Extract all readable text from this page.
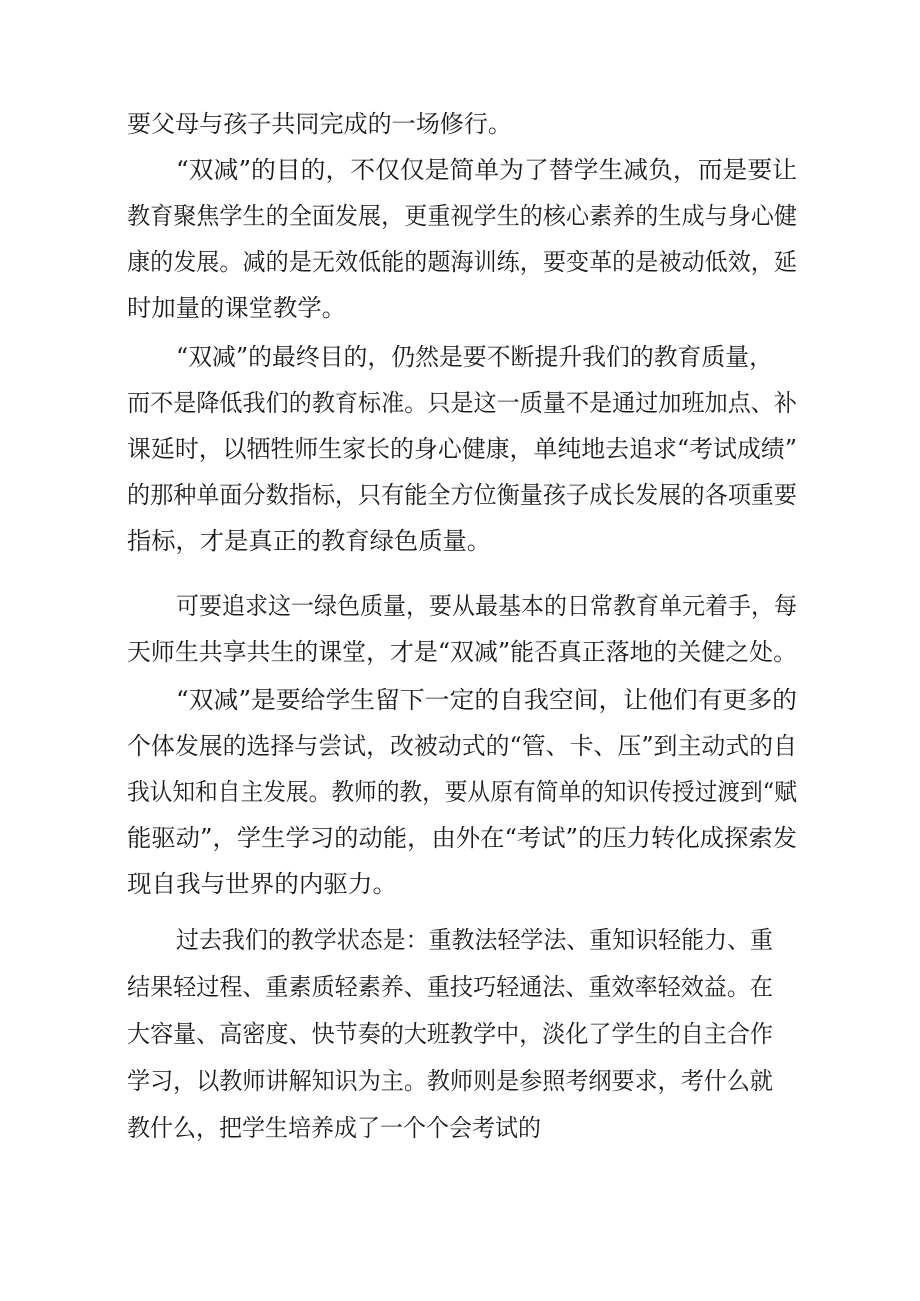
要父母与孩子共同完成的一场修行。

“双减”的目的，不仅仅是简单为了替学生减负，而是要让

教育聚焦学生的全面发展，更重视学生的核心素养的生成与身心健

康的发展。减的是无效低能的题海训练，要变革的是被动低效，延

时加量的课堂教学。

“双减”的最终目的，仍然是要不断提升我们的教育质量，

而不是降低我们的教育标准。只是这一质量不是通过加班加点、补

课延时，以牺牲师生家长的身心健康，单纯地去追求“考试成绩”

的那种单面分数指标，只有能全方位衡量孩子成长发展的各项重要

指标，才是真正的教育绿色质量。

可要追求这一绿色质量，要从最基本的日常教育单元着手，每

天师生共享共生的课堂，才是“双减”能否真正落地的关健之处。

“双减”是要给学生留下一定的自我空间，让他们有更多的

个体发展的选择与尝试，改被动式的“管、卡、压”到主动式的自

我认知和自主发展。教师的教，要从原有简单的知识传授过渡到“赋

能驱动”，学生学习的动能，由外在“考试”的压力转化成探索发

现自我与世界的内驱力。

过去我们的教学状态是：重教法轻学法、重知识轻能力、重

结果轻过程、重素质轻素养、重技巧轻通法、重效率轻效益。在

大容量、高密度、快节奏的大班教学中，淡化了学生的自主合作

学习，以教师讲解知识为主。教师则是参照考纲要求，考什么就

教什么，把学生培养成了一个个会考试的
